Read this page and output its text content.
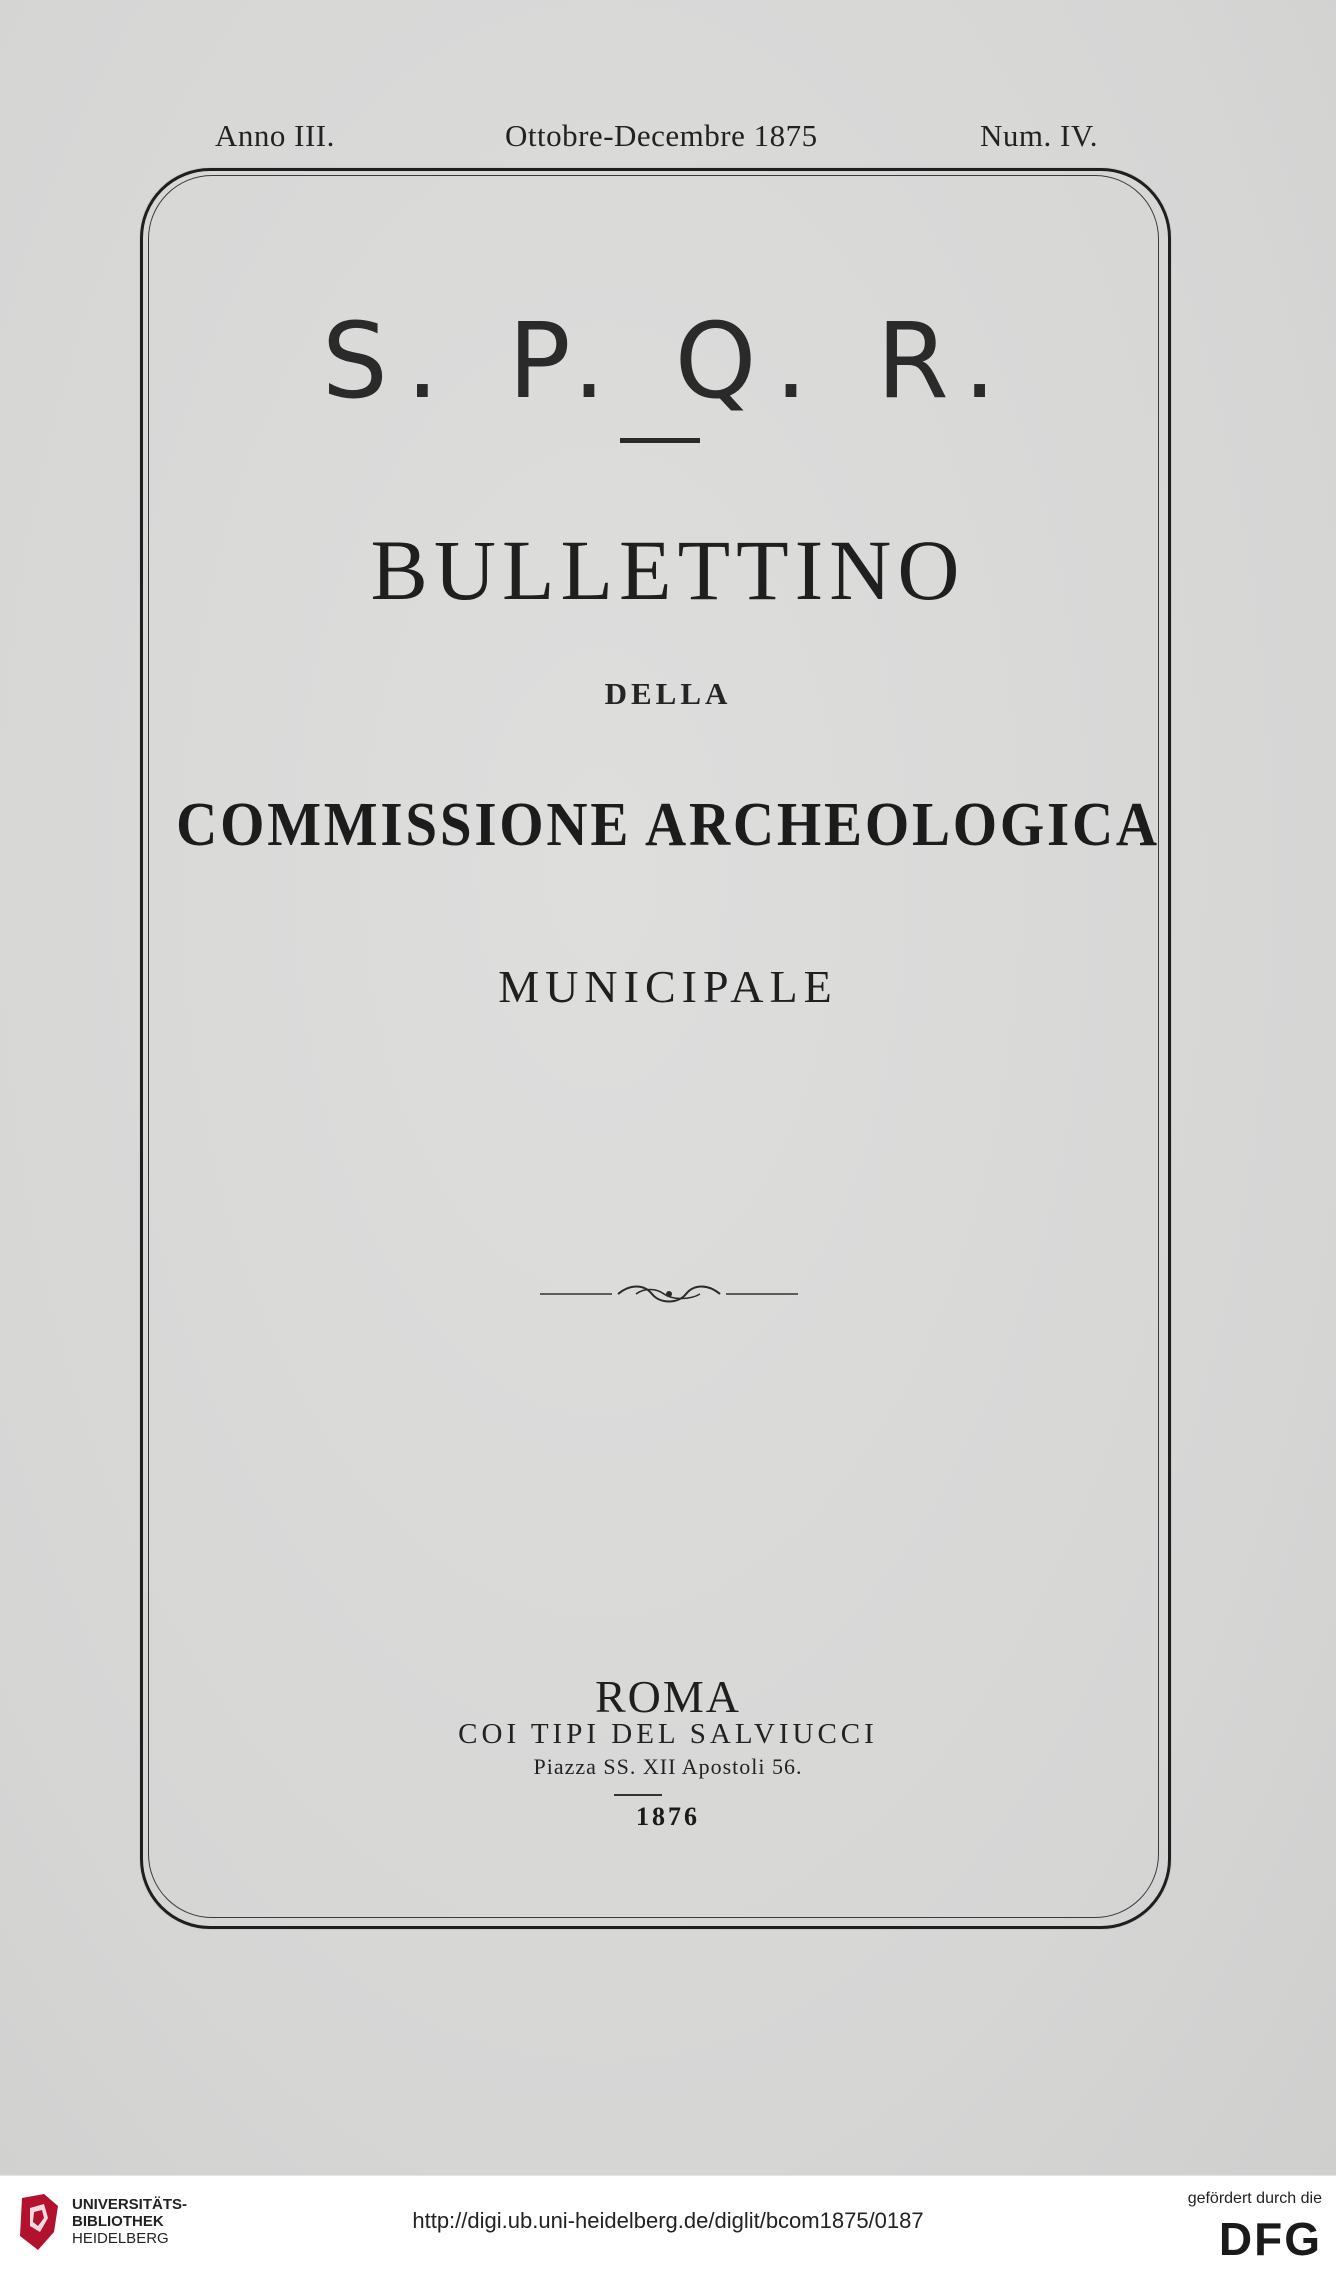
Anno III.	Ottobre-Decembre 1875	Num. IV.
S. P. Q. R.
BULLETTINO
DELLA
COMMISSIONE ARCHEOLOGICA
MUNICIPALE
ROMA
COI TIPI DEL SALVIUCCI
Piazza SS. XII Apostoli 56.
1876
UNIVERSITÄTS-
BIBLIOTHEK
HEIDELBERG
http://digi.ub.uni-heidelberg.de/diglit/bcom1875/0187
gefördert durch die
DFG
